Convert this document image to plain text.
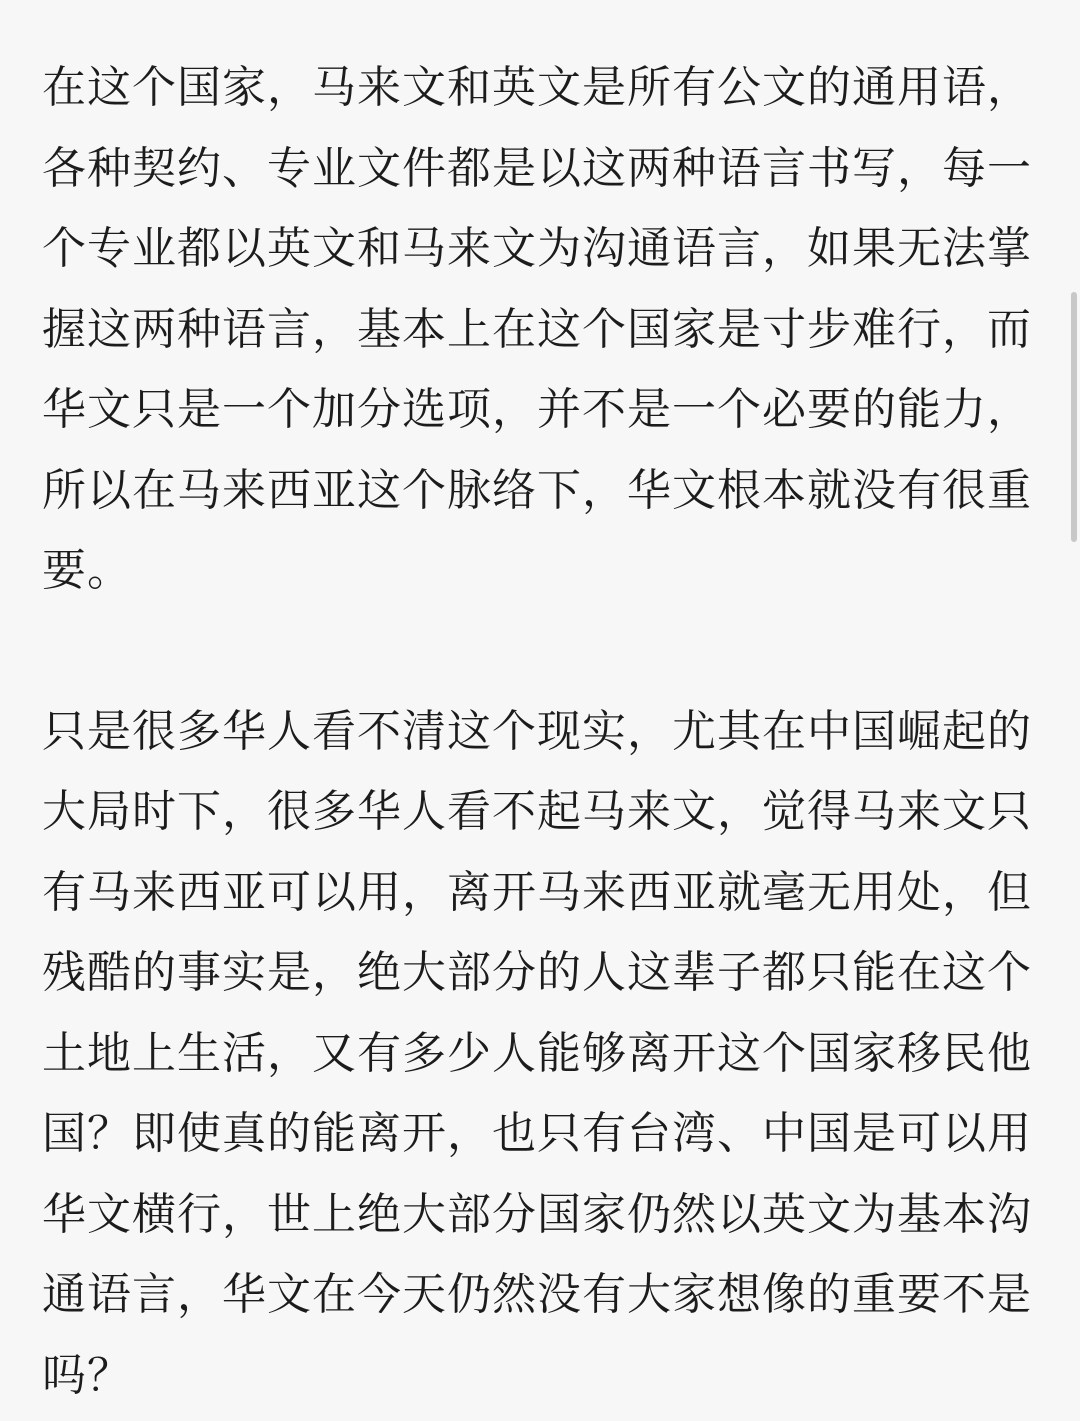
在这个国家，马来文和英文是所有公文的通用语，
各种契约、专业文件都是以这两种语言书写，每一
个专业都以英文和马来文为沟通语言，如果无法掌
握这两种语言，基本上在这个国家是寸步难行，而
华文只是一个加分选项，并不是一个必要的能力，
所以在马来西亚这个脉络下，华文根本就没有很重
要。
只是很多华人看不清这个现实，尤其在中国崛起的
大局时下，很多华人看不起马来文，觉得马来文只
有马来西亚可以用，离开马来西亚就毫无用处，但
残酷的事实是，绝大部分的人这辈子都只能在这个
土地上生活，又有多少人能够离开这个国家移民他
国？即使真的能离开，也只有台湾、中国是可以用
华文横行，世上绝大部分国家仍然以英文为基本沟
通语言，华文在今天仍然没有大家想像的重要不是
吗？
